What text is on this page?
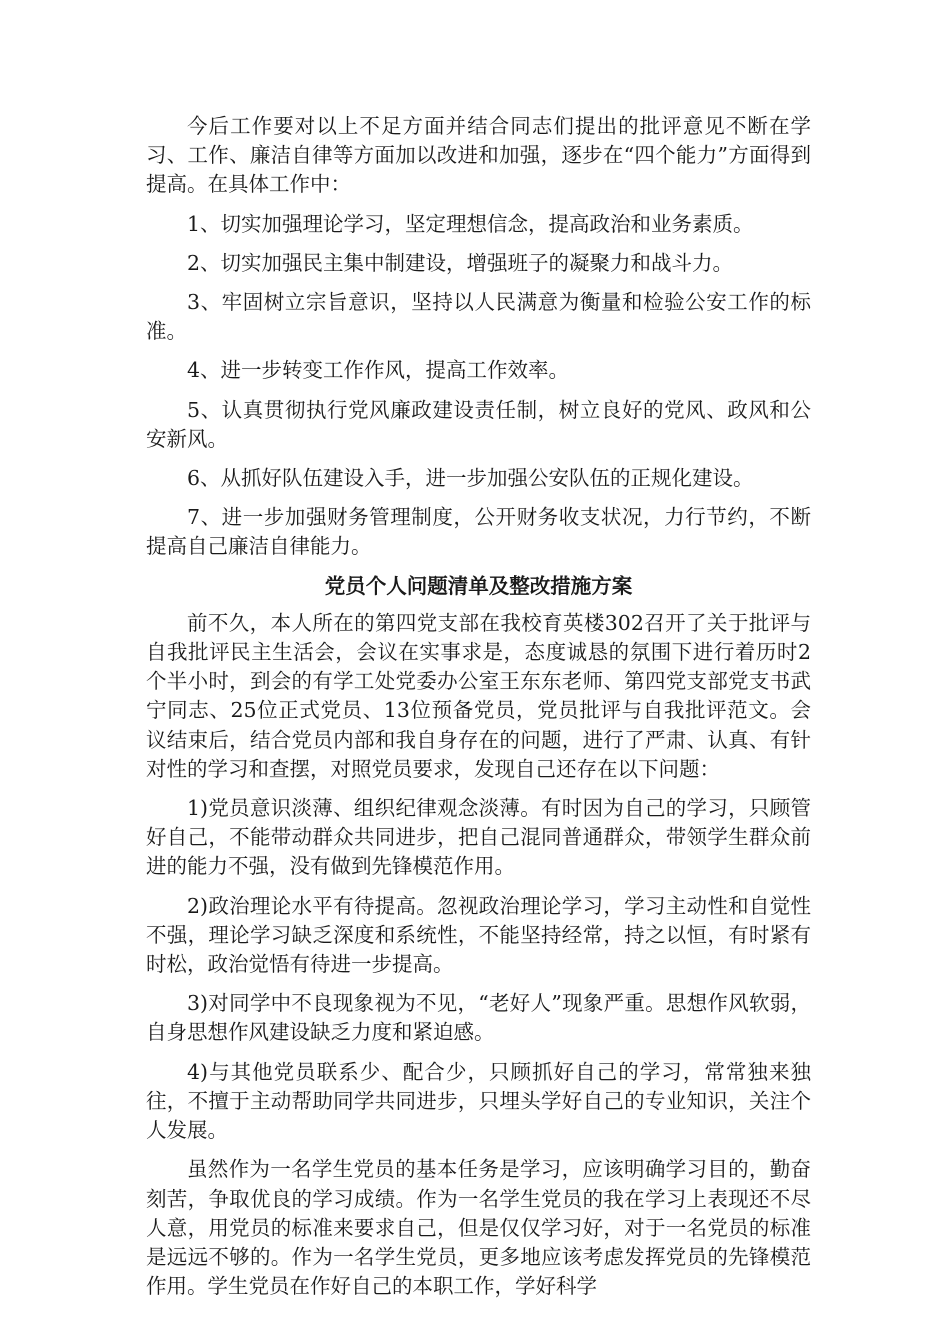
今后工作要对以上不足方面并结合同志们提出的批评意见不断在学习、工作、廉洁自律等方面加以改进和加强，逐步在“四个能力”方面得到提高。在具体工作中：

1、切实加强理论学习，坚定理想信念，提高政治和业务素质。

2、切实加强民主集中制建设，增强班子的凝聚力和战斗力。

3、牢固树立宗旨意识，坚持以人民满意为衡量和检验公安工作的标准。

4、进一步转变工作作风，提高工作效率。

5、认真贯彻执行党风廉政建设责任制，树立良好的党风、政风和公安新风。

6、从抓好队伍建设入手，进一步加强公安队伍的正规化建设。

7、进一步加强财务管理制度，公开财务收支状况，力行节约，不断提高自己廉洁自律能力。

党员个人问题清单及整改措施方案

前不久，本人所在的第四党支部在我校育英楼302召开了关于批评与自我批评民主生活会，会议在实事求是，态度诚恳的氛围下进行着历时2个半小时，到会的有学工处党委办公室王东东老师、第四党支部党支书武宁同志、25位正式党员、13位预备党员，党员批评与自我批评范文。会议结束后，结合党员内部和我自身存在的问题，进行了严肃、认真、有针对性的学习和查摆，对照党员要求，发现自己还存在以下问题：

1)党员意识淡薄、组织纪律观念淡薄。有时因为自己的学习，只顾管好自己，不能带动群众共同进步，把自己混同普通群众，带领学生群众前进的能力不强，没有做到先锋模范作用。

2)政治理论水平有待提高。忽视政治理论学习，学习主动性和自觉性不强，理论学习缺乏深度和系统性，不能坚持经常，持之以恒，有时紧有时松，政治觉悟有待进一步提高。

3)对同学中不良现象视为不见，“老好人”现象严重。思想作风软弱，自身思想作风建设缺乏力度和紧迫感。

4)与其他党员联系少、配合少，只顾抓好自己的学习，常常独来独往，不擅于主动帮助同学共同进步，只埋头学好自己的专业知识，关注个人发展。

虽然作为一名学生党员的基本任务是学习，应该明确学习目的，勤奋刻苦，争取优良的学习成绩。作为一名学生党员的我在学习上表现还不尽人意，用党员的标准来要求自己，但是仅仅学习好，对于一名党员的标准是远远不够的。作为一名学生党员，更多地应该考虑发挥党员的先锋模范作用。学生党员在作好自己的本职工作，学好科学
